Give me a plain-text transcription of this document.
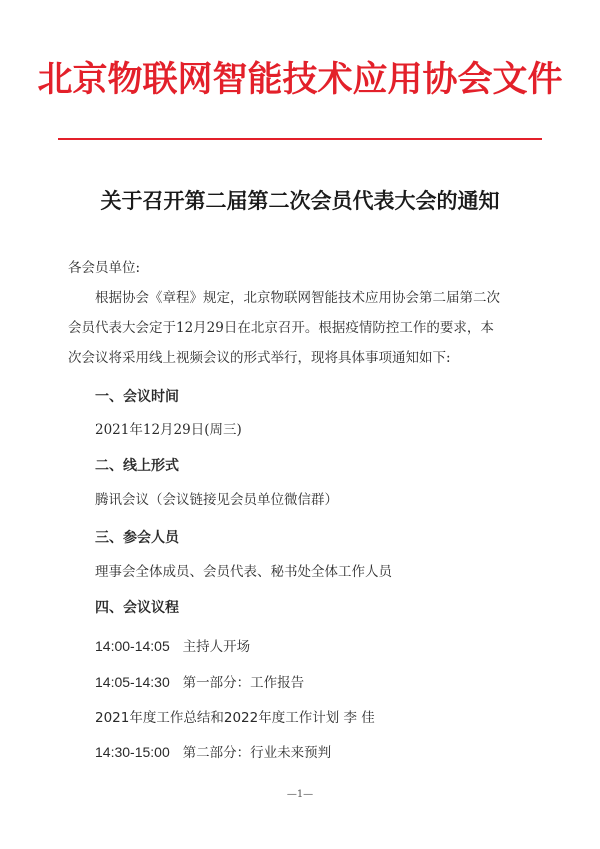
北京物联网智能技术应用协会文件
关于召开第二届第二次会员代表大会的通知
各会员单位:
根据协会《章程》规定，北京物联网智能技术应用协会第二届第二次
会员代表大会定于12月29日在北京召开。根据疫情防控工作的要求，本
次会议将采用线上视频会议的形式举行，现将具体事项通知如下:
一、会议时间
2021年12月29日(周三)
二、线上形式
腾讯会议（会议链接见会员单位微信群）
三、参会人员
理事会全体成员、会员代表、秘书处全体工作人员
四、会议议程
14:00-14:05 主持人开场
14:05-14:30 第一部分：工作报告
2021年度工作总结和2022年度工作计划 李 佳
14:30-15:00 第二部分：行业未来预判
—1—
